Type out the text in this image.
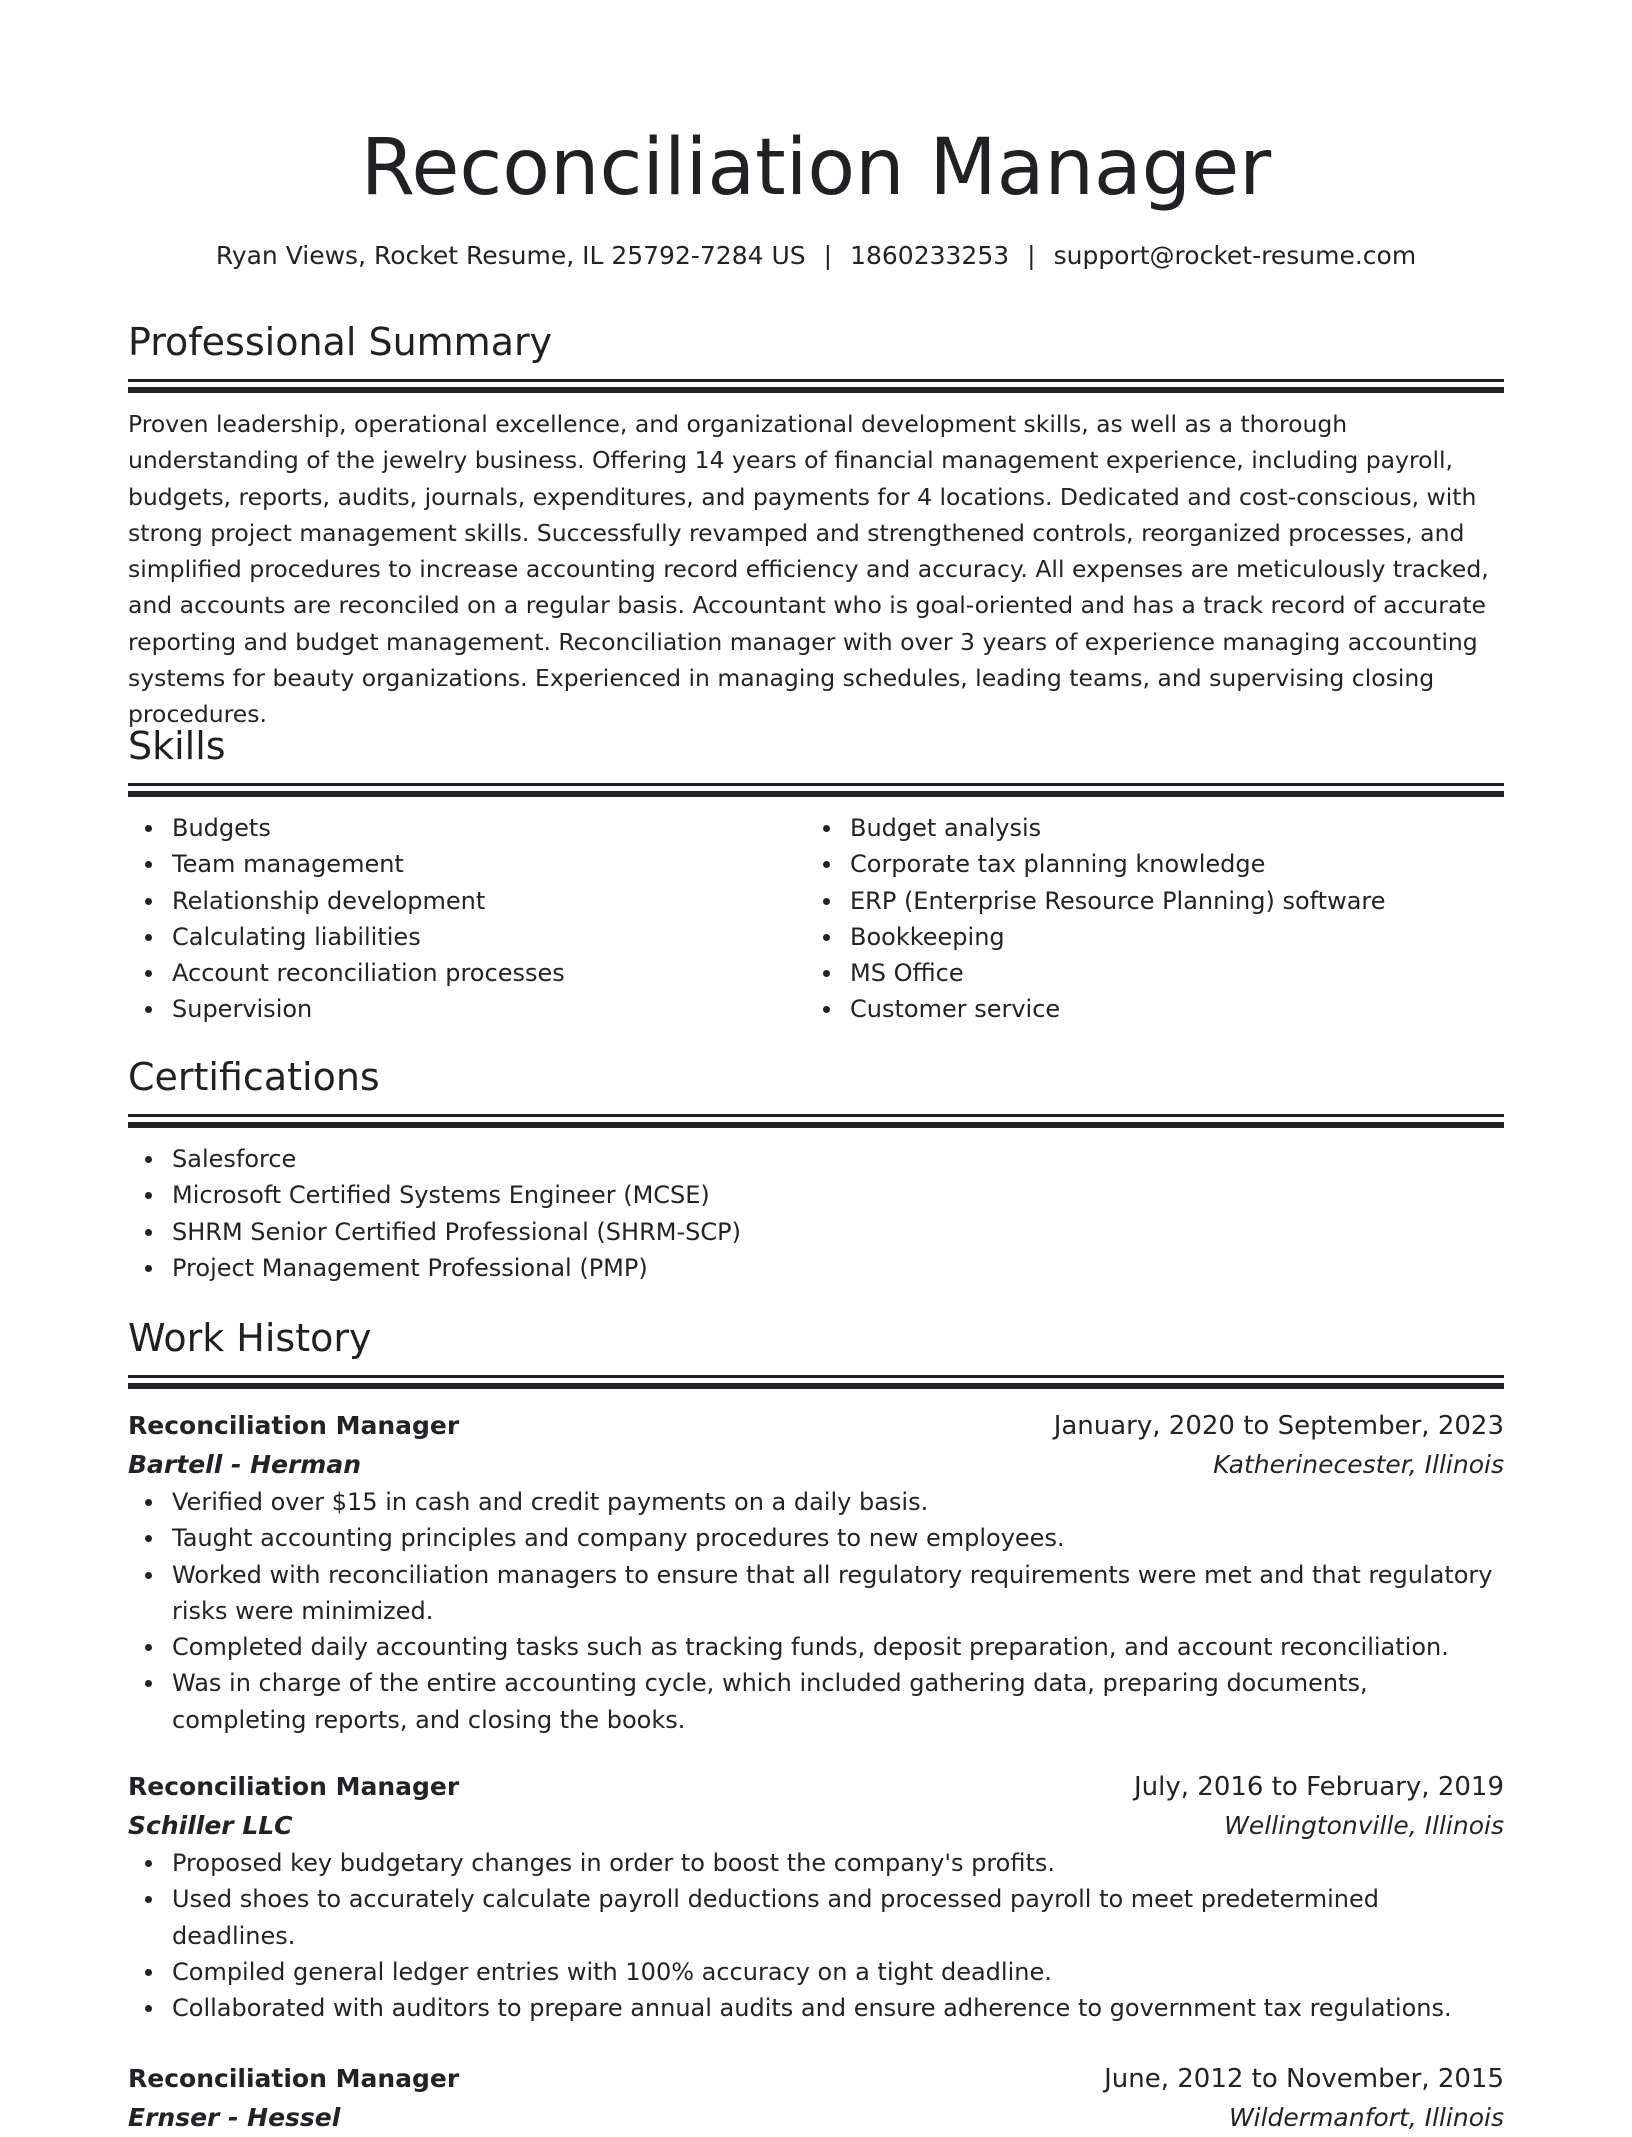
Reconciliation Manager
Ryan Views, Rocket Resume, IL 25792-7284 US | 1860233253 | support@rocket-resume.com
Professional Summary

Proven leadership, operational excellence, and organizational development skills, as well as a thorough understanding of the jewelry business. Offering 14 years of financial management experience, including payroll, budgets, reports, audits, journals, expenditures, and payments for 4 locations. Dedicated and cost-conscious, with strong project management skills. Successfully revamped and strengthened controls, reorganized processes, and simplified procedures to increase accounting record efficiency and accuracy. All expenses are meticulously tracked, and accounts are reconciled on a regular basis. Accountant who is goal-oriented and has a track record of accurate reporting and budget management. Reconciliation manager with over 3 years of experience managing accounting systems for beauty organizations. Experienced in managing schedules, leading teams, and supervising closing procedures.

Skills
Budgets
Team management
Relationship development
Calculating liabilities
Account reconciliation processes
Supervision
Budget analysis
Corporate tax planning knowledge
ERP (Enterprise Resource Planning) software
Bookkeeping
MS Office
Customer service
Certifications
Salesforce
Microsoft Certified Systems Engineer (MCSE)
SHRM Senior Certified Professional (SHRM-SCP)
Project Management Professional (PMP)
Work History
Reconciliation Manager	January, 2020 to September, 2023
Bartell - Herman	Katherinecester, Illinois
Verified over $15 in cash and credit payments on a daily basis.
Taught accounting principles and company procedures to new employees.
Worked with reconciliation managers to ensure that all regulatory requirements were met and that regulatory risks were minimized.
Completed daily accounting tasks such as tracking funds, deposit preparation, and account reconciliation.
Was in charge of the entire accounting cycle, which included gathering data, preparing documents, completing reports, and closing the books.
Reconciliation Manager	July, 2016 to February, 2019
Schiller LLC	Wellingtonville, Illinois
Proposed key budgetary changes in order to boost the company's profits.
Used shoes to accurately calculate payroll deductions and processed payroll to meet predetermined deadlines.
Compiled general ledger entries with 100% accuracy on a tight deadline.
Collaborated with auditors to prepare annual audits and ensure adherence to government tax regulations.
Reconciliation Manager	June, 2012 to November, 2015
Ernser - Hessel	Wildermanfort, Illinois
